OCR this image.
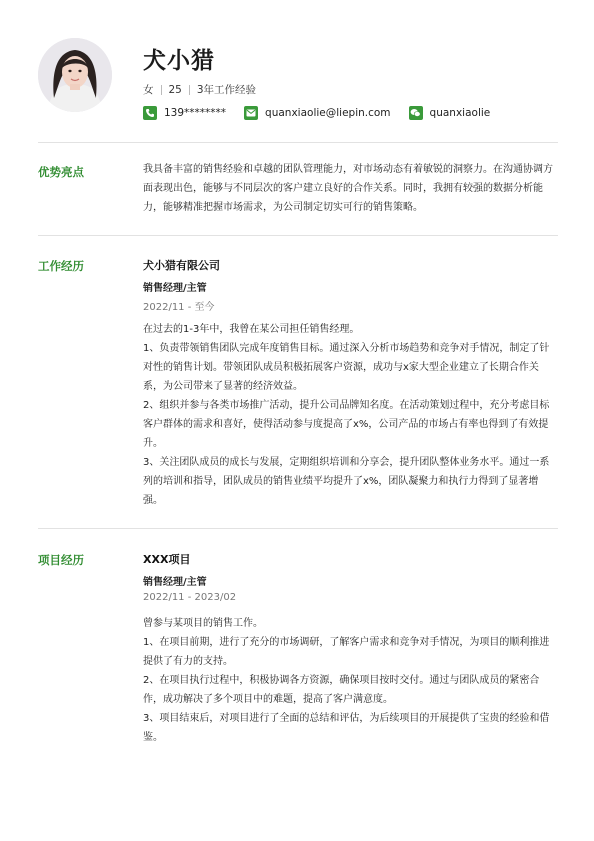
犬小猎
女 25 3年工作经验
139********	quanxiaolie@liepin.com	quanxiaolie
优势亮点	我具备丰富的销售经验和卓越的团队管理能力，对市场动态有着敏锐的洞察力。在沟通协调方面表现出色，能够与不同层次的客户建立良好的合作关系。同时，我拥有较强的数据分析能力，能够精准把握市场需求，为公司制定切实可行的销售策略。
工作经历	犬小猎有限公司
销售经理/主管
2022/11 - 至今

在过去的1-3年中，我曾在某公司担任销售经理。

1、负责带领销售团队完成年度销售目标。通过深入分析市场趋势和竞争对手情况，制定了针对性的销售计划。带领团队成员积极拓展客户资源，成功与x家大型企业建立了长期合作关系，为公司带来了显著的经济效益。

2、组织并参与各类市场推广活动，提升公司品牌知名度。在活动策划过程中，充分考虑目标客户群体的需求和喜好，使得活动参与度提高了x%，公司产品的市场占有率也得到了有效提升。

3、关注团队成员的成长与发展，定期组织培训和分享会，提升团队整体业务水平。通过一系列的培训和指导，团队成员的销售业绩平均提升了x%，团队凝聚力和执行力得到了显著增强。

项目经历	XXX项目
销售经理/主管
2022/11 - 2023/02

曾参与某项目的销售工作。

1、在项目前期，进行了充分的市场调研，了解客户需求和竞争对手情况，为项目的顺利推进提供了有力的支持。

2、在项目执行过程中，积极协调各方资源，确保项目按时交付。通过与团队成员的紧密合作，成功解决了多个项目中的难题，提高了客户满意度。

3、项目结束后，对项目进行了全面的总结和评估，为后续项目的开展提供了宝贵的经验和借鉴。
